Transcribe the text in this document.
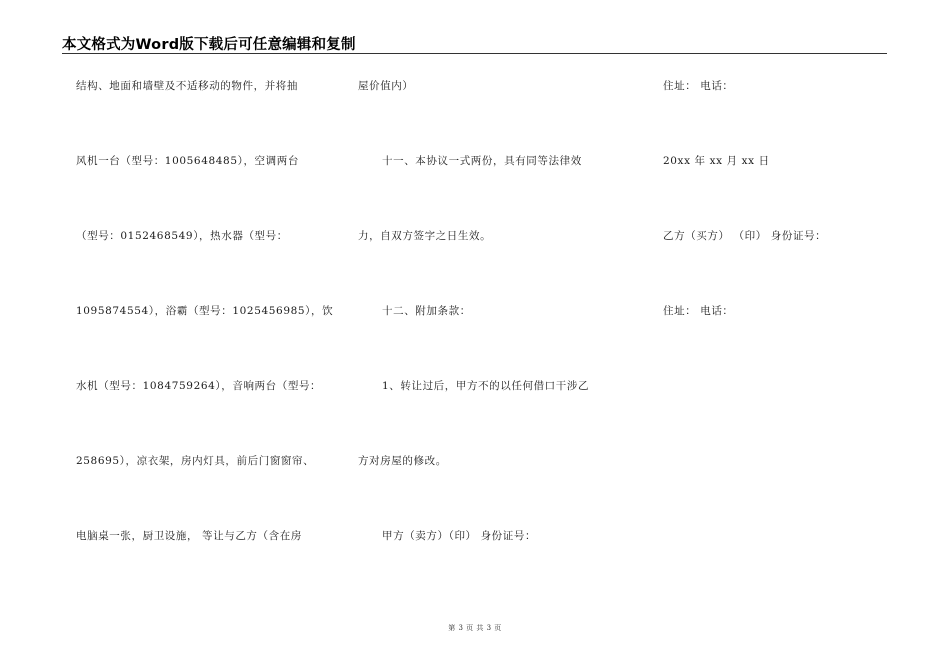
本文格式为Word版下载后可任意编辑和复制
结构、地面和墙壁及不适移动的物件，并将抽
风机一台（型号：1005648485），空调两台
（型号：0152468549），热水器（型号：
1095874554），浴霸（型号：1025456985），饮
水机（型号：1084759264），音响两台（型号：
258695），凉衣架，房内灯具，前后门窗窗帘、
电脑桌一张，厨卫设施， 等让与乙方（含在房
屋价值内）
十一、本协议一式两份，具有同等法律效
力，自双方签字之日生效。
十二、附加条款：
1、转让过后，甲方不的以任何借口干涉乙
方对房屋的修改。
甲方（卖方）（印） 身份证号：
住址： 电话：
20xx 年 xx 月 xx 日
乙方（买方） （印） 身份证号：
住址： 电话：
第 3 页 共 3 页
